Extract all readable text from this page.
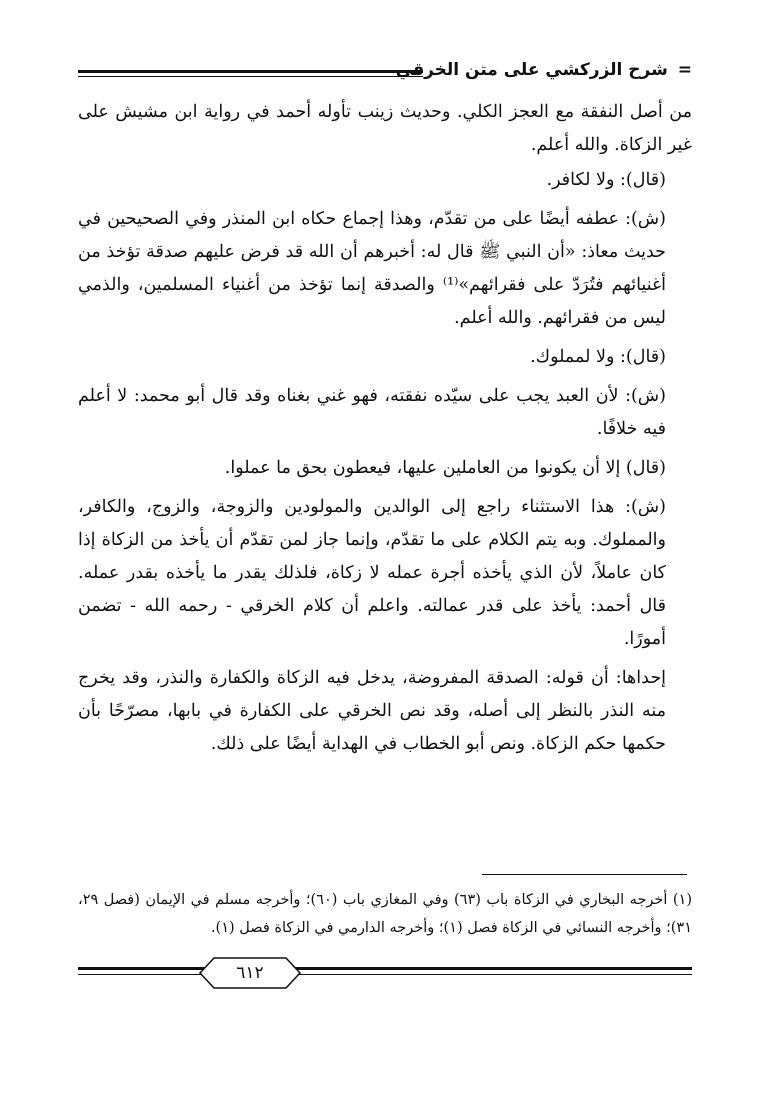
= شرح الزركشي على متن الخرقي

من أصل النفقة مع العجز الكلي. وحديث زينب تأوله أحمد في رواية ابن مشيش على غير الزكاة. والله أعلم.

(قال): ولا لكافر.

(ش): عطفه أيضًا على من تقدّم، وهذا إجماع حكاه ابن المنذر وفي الصحيحين في حديث معاذ: «أن النبي ﷺ قال له: أخبرهم أن الله قد فرض عليهم صدقة تؤخذ من أغنيائهم فتُرَدّ على فقرائهم»⁽¹⁾ والصدقة إنما تؤخذ من أغنياء المسلمين، والذمي ليس من فقرائهم. والله أعلم.

(قال): ولا لمملوك.

(ش): لأن العبد يجب على سيّده نفقته، فهو غني بغناه وقد قال أبو محمد: لا أعلم فيه خلافًا.

(قال) إلا أن يكونوا من العاملين عليها، فيعطون بحق ما عملوا.

(ش): هذا الاستثناء راجع إلى الوالدين والمولودين والزوجة، والزوج، والكافر، والمملوك. وبه يتم الكلام على ما تقدّم، وإنما جاز لمن تقدّم أن يأخذ من الزكاة إذا كان عاملاً، لأن الذي يأخذه أجرة عمله لا زكاة، فلذلك يقدر ما يأخذه بقدر عمله. قال أحمد: يأخذ على قدر عمالته. واعلم أن كلام الخرقي - رحمه الله - تضمن أمورًا.

إحداها: أن قوله: الصدقة المفروضة، يدخل فيه الزكاة والكفارة والنذر، وقد يخرج منه النذر بالنظر إلى أصله، وقد نص الخرقي على الكفارة في بابها، مصرّحًا بأن حكمها حكم الزكاة. ونص أبو الخطاب في الهداية أيضًا على ذلك.

(١) أخرجه البخاري في الزكاة باب (٦٣) وفي المغازي باب (٦٠)؛ وأخرجه مسلم في الإيمان (فصل ٢٩، ٣١)؛ وأخرجه النسائي في الزكاة فصل (١)؛ وأخرجه الدارمي في الزكاة فصل (١).

٦١٢
